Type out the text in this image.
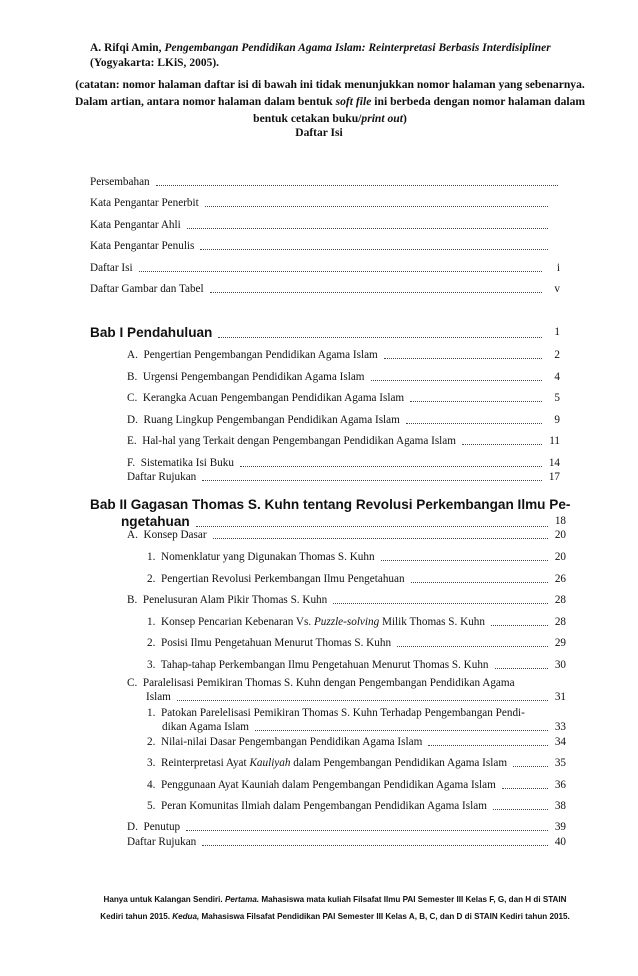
A. Rifqi Amin, Pengembangan Pendidikan Agama Islam: Reinterpretasi Berbasis Interdisipliner
(Yogyakarta: LKiS, 2005).
(catatan: nomor halaman daftar isi di bawah ini tidak menunjukkan nomor halaman yang sebenarnya. Dalam artian, antara nomor halaman dalam bentuk soft file ini berbeda dengan nomor halaman dalam bentuk cetakan buku/print out)
Daftar Isi
Persembahan
Kata Pengantar Penerbit
Kata Pengantar Ahli
Kata Pengantar Penulis
Daftar Isi	i
Daftar Gambar dan Tabel	v
Bab I Pendahuluan	1
A. Pengertian Pengembangan Pendidikan Agama Islam	2
B. Urgensi Pengembangan Pendidikan Agama Islam	4
C. Kerangka Acuan Pengembangan Pendidikan Agama Islam	5
D. Ruang Lingkup Pengembangan Pendidikan Agama Islam	9
E. Hal-hal yang Terkait dengan Pengembangan Pendidikan Agama Islam	11
F. Sistematika Isi Buku	14
Daftar Rujukan	17
Bab II Gagasan Thomas S. Kuhn tentang Revolusi Perkembangan Ilmu Pe-
ngetahuan	18
A. Konsep Dasar	20
1. Nomenklatur yang Digunakan Thomas S. Kuhn	20
2. Pengertian Revolusi Perkembangan Ilmu Pengetahuan	26
B. Penelusuran Alam Pikir Thomas S. Kuhn	28
1. Konsep Pencarian Kebenaran Vs. Puzzle-solving Milik Thomas S. Kuhn	28
2. Posisi Ilmu Pengetahuan Menurut Thomas S. Kuhn	29
3. Tahap-tahap Perkembangan Ilmu Pengetahuan Menurut Thomas S. Kuhn	30
C. Paralelisasi Pemikiran Thomas S. Kuhn dengan Pengembangan Pendidikan Agama
Islam	31
1. Patokan Parelelisasi Pemikiran Thomas S. Kuhn Terhadap Pengembangan Pendi-
dikan Agama Islam	33
2. Nilai-nilai Dasar Pengembangan Pendidikan Agama Islam	34
3. Reinterpretasi Ayat Kauliyah dalam Pengembangan Pendidikan Agama Islam	35
4. Penggunaan Ayat Kauniah dalam Pengembangan Pendidikan Agama Islam	36
5. Peran Komunitas Ilmiah dalam Pengembangan Pendidikan Agama Islam	38
D. Penutup	39
Daftar Rujukan	40
Hanya untuk Kalangan Sendiri. Pertama. Mahasiswa mata kuliah Filsafat Ilmu PAI Semester III Kelas F, G, dan H di STAIN
Kediri tahun 2015. Kedua, Mahasiswa Filsafat Pendidikan PAI Semester III Kelas A, B, C, dan D di STAIN Kediri tahun 2015.
